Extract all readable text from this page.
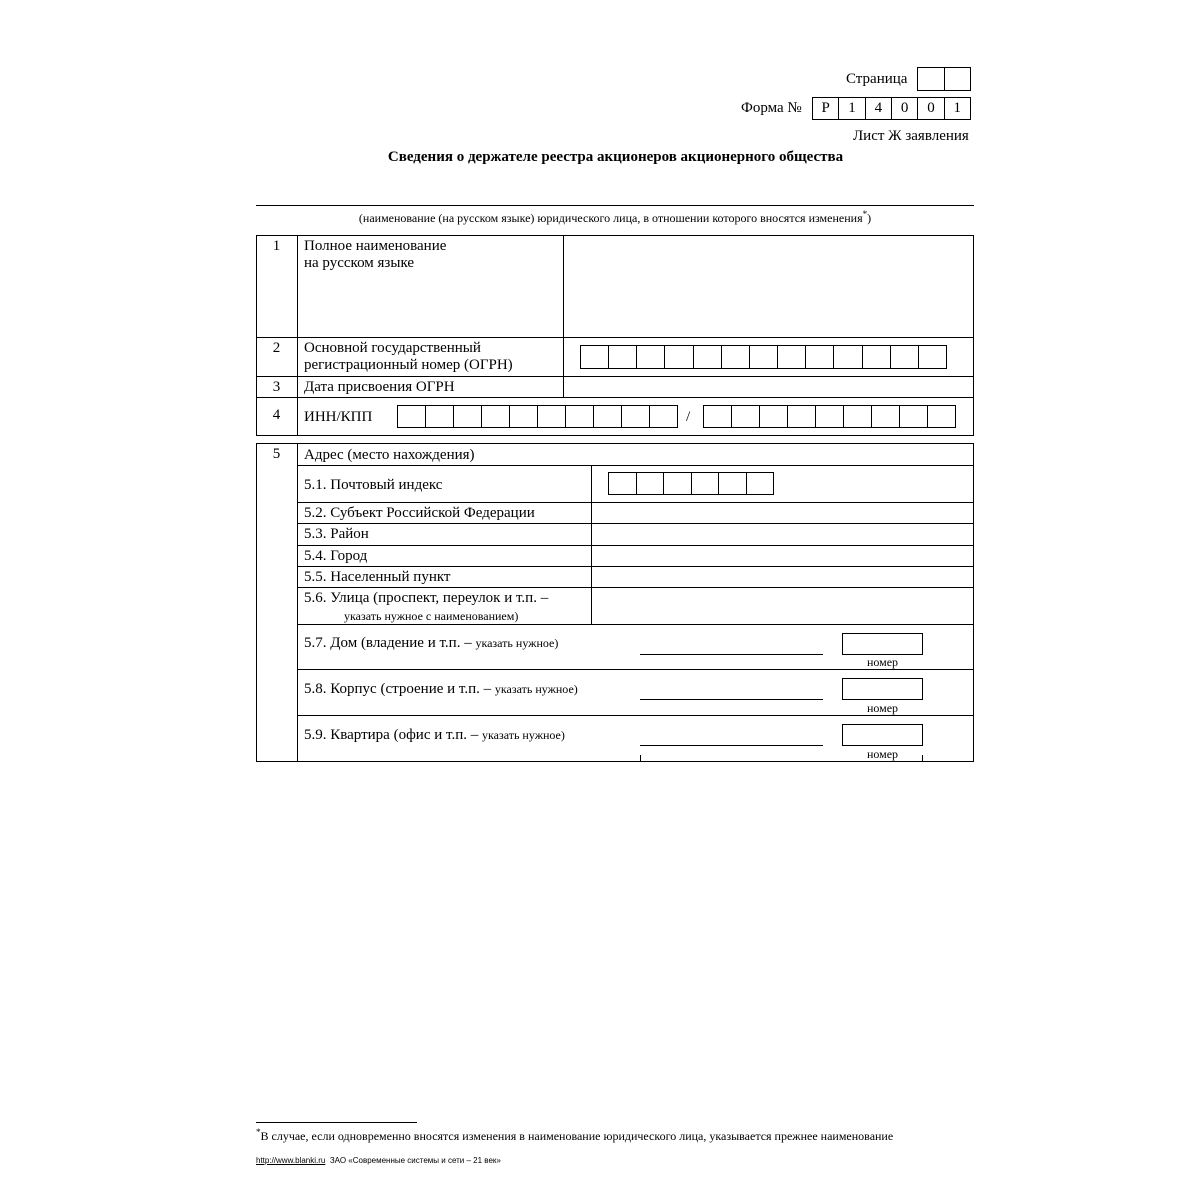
Страница
Форма №	Р	1	4	0	0	1
Лист Ж заявления
Сведения о держателе реестра акционеров акционерного общества
(наименование (на русском языке) юридического лица, в отношении которого вносятся изменения*)
1	Полное наименование
на русском языке
2	Основной государственный
регистрационный номер (ОГРН)
3	Дата присвоения ОГРН
4	ИНН/КПП	/
5	Адрес (место нахождения)
5.1. Почтовый индекс
5.2. Субъект Российской Федерации
5.3. Район
5.4. Город
5.5. Населенный пункт
5.6. Улица (проспект, переулок и т.п. –
указать нужное с наименованием)
5.7. Дом (владение и т.п. – указать нужное)
номер
5.8. Корпус (строение и т.п. – указать нужное)
номер
5.9. Квартира (офис и т.п. – указать нужное)
номер
*В случае, если одновременно вносятся изменения в наименование юридического лица, указывается прежнее наименование
http://www.blanki.ru ЗАО «Современные системы и сети – 21 век»
